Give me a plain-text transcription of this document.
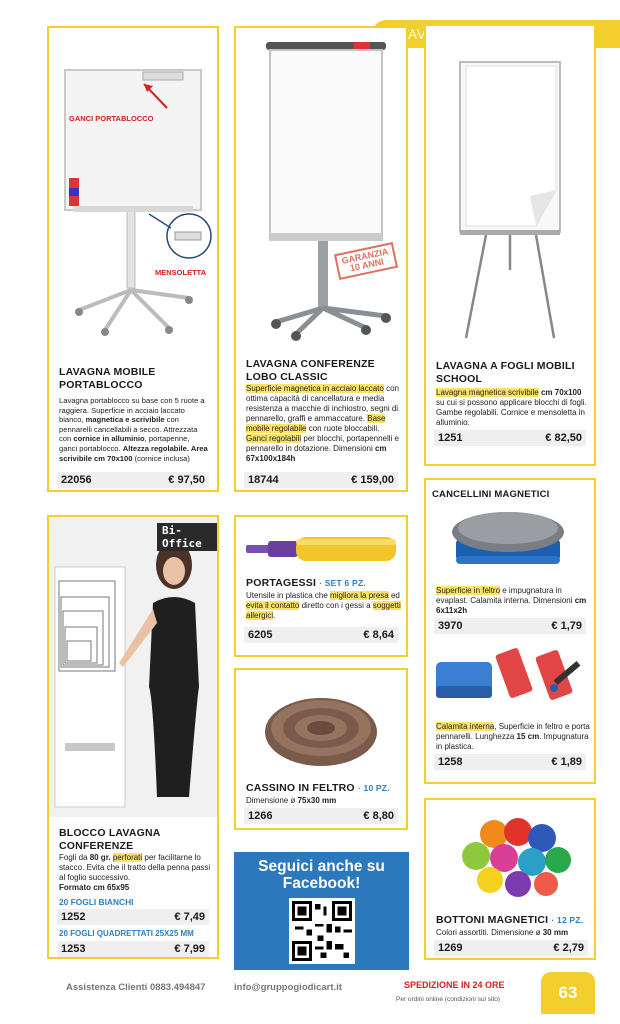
GANCI PORTABLOCCO
MENSOLETTA
LAVAGNA MOBILE PORTABLOCCO
Lavagna portablocco su base con 5 ruote a raggiera. Superficie in acciaio laccato bianco, magnetica e scrivibile con pennarelli cancellabili a secco. Attrezzata con cornice in alluminio, portapenne, ganci portablocco. Altezza regolabile. Area scrivibile cm 70x100 (cornice inclusa)
22056	€ 97,50
GARANZIA 10 ANNI
LAVAGNA CONFERENZE LOBO CLASSIC
Superficie magnetica in acciaio laccato con ottima capacità di cancellatura e media resistenza a macchie di inchiostro, segni di pennarello, graffi e ammaccature. Base mobile regolabile con ruote bloccabili. Ganci regolabili per blocchi, portapennelli e pennarello in dotazione. Dimensioni cm 67x100x184h
18744	€ 159,00
LAVAGNA A FOGLI MOBILI SCHOOL
Lavagna magnetica scrivibile cm 70x100 su cui si possono applicare blocchi di fogli. Gambe regolabili. Cornice e mensoletta in alluminio.
1251	€ 82,50
CANCELLINI MAGNETICI
Superficie in feltro e impugnatura in evaplast. Calamita interna. Dimensioni cm 6x11x2h
3970	€ 1,79
Calamita interna, Superficie in feltro e porta pennarelli. Lunghezza 15 cm. Impugnatura in plastica.
1258	€ 1,89
Bi-Office
BLOCCO LAVAGNA CONFERENZE
Fogli da 80 gr. perforati per facilitarne lo stacco. Evita che il tratto della penna passi al foglio successivo.
Formato cm 65x95
20 FOGLI BIANCHI
1252	€ 7,49
20 FOGLI QUADRETTATI 25X25 MM
1253	€ 7,99
PORTAGESSI · SET 6 PZ.
Utensile in plastica che migliora la presa ed evita il contatto diretto con i gessi a soggetti allergici.
6205	€ 8,64
CASSINO IN FELTRO · 10 PZ.
Dimensione ø 75x30 mm
1266	€ 8,80
Seguici anche su
Facebook!
BOTTONI MAGNETICI · 12 PZ.
Colori assortiti. Dimensione ø 30 mm
1269	€ 2,79
Assistenza Clienti 0883.494847	info@gruppogiodicart.it	SPEDIZIONE IN 24 ORE
Per ordini online (condizioni sul sito)	63
